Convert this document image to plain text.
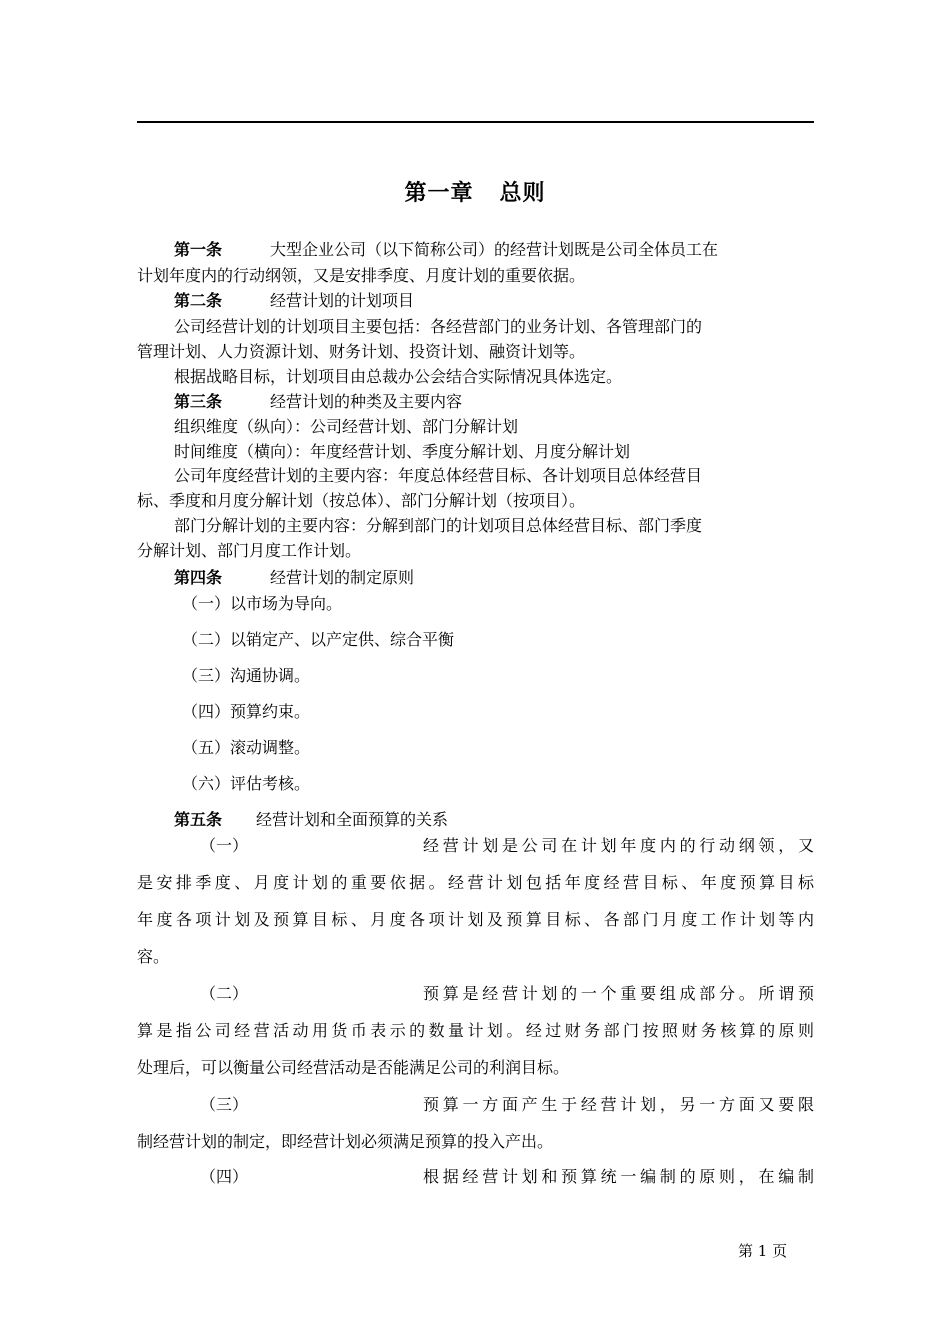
第一章 总则
第一条	大型企业公司（以下简称公司）的经营计划既是公司全体员工在
计划年度内的行动纲领，又是安排季度、月度计划的重要依据。
第二条	经营计划的计划项目
公司经营计划的计划项目主要包括：各经营部门的业务计划、各管理部门的
管理计划、人力资源计划、财务计划、投资计划、融资计划等。
根据战略目标，计划项目由总裁办公会结合实际情况具体选定。
第三条	经营计划的种类及主要内容
组织维度（纵向）：公司经营计划、部门分解计划
时间维度（横向）：年度经营计划、季度分解计划、月度分解计划
公司年度经营计划的主要内容：年度总体经营目标、各计划项目总体经营目
标、季度和月度分解计划（按总体）、部门分解计划（按项目）。
部门分解计划的主要内容：分解到部门的计划项目总体经营目标、部门季度
分解计划、部门月度工作计划。
第四条	经营计划的制定原则
（一）以市场为导向。
（二）以销定产、以产定供、综合平衡
（三）沟通协调。
（四）预算约束。
（五）滚动调整。
（六）评估考核。
第五条 经营计划和全面预算的关系
（一）	经营计划是公司在计划年度内的行动纲领，又
是安排季度、月度计划的重要依据。经营计划包括年度经营目标、年度预算目标
年度各项计划及预算目标、月度各项计划及预算目标、各部门月度工作计划等内
容。
（二）	预算是经营计划的一个重要组成部分。所谓预
算是指公司经营活动用货币表示的数量计划。经过财务部门按照财务核算的原则
处理后，可以衡量公司经营活动是否能满足公司的利润目标。
（三）	预算一方面产生于经营计划，另一方面又要限
制经营计划的制定，即经营计划必须满足预算的投入产出。
（四）	根据经营计划和预算统一编制的原则，在编制
第 1 页
